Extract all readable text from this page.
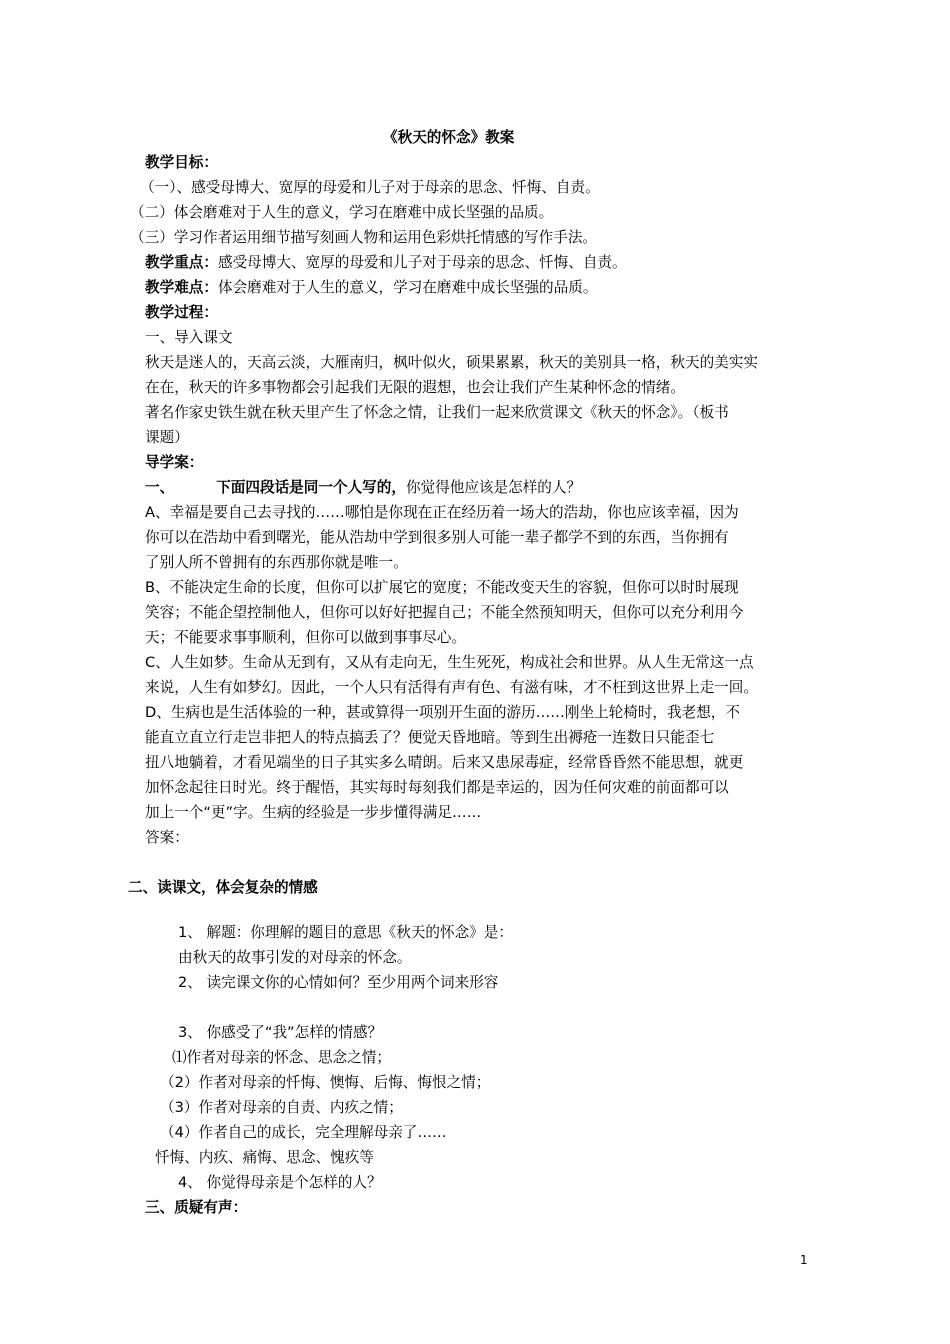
《秋天的怀念》教案
教学目标：
（一）、感受母博大、宽厚的母爱和儿子对于母亲的思念、忏悔、自责。
（二）体会磨难对于人生的意义，学习在磨难中成长坚强的品质。
（三）学习作者运用细节描写刻画人物和运用色彩烘托情感的写作手法。
教学重点：感受母博大、宽厚的母爱和儿子对于母亲的思念、忏悔、自责。
教学难点：体会磨难对于人生的意义，学习在磨难中成长坚强的品质。
教学过程：
一、导入课文
秋天是迷人的，天高云淡，大雁南归，枫叶似火，硕果累累，秋天的美别具一格，秋天的美实实
在在，秋天的许多事物都会引起我们无限的遐想，也会让我们产生某种怀念的情绪。
著名作家史铁生就在秋天里产生了怀念之情，让我们一起来欣赏课文《秋天的怀念》。（板书
课题）
导学案：
一、	下面四段话是同一个人写的，你觉得他应该是怎样的人？
A、幸福是要自己去寻找的……哪怕是你现在正在经历着一场大的浩劫，你也应该幸福，因为
你可以在浩劫中看到曙光，能从浩劫中学到很多别人可能一辈子都学不到的东西，当你拥有
了别人所不曾拥有的东西那你就是唯一。
B、不能决定生命的长度，但你可以扩展它的宽度；不能改变天生的容貌，但你可以时时展现
笑容；不能企望控制他人，但你可以好好把握自己；不能全然预知明天，但你可以充分利用今
天；不能要求事事顺利，但你可以做到事事尽心。
C、人生如梦。生命从无到有，又从有走向无，生生死死，构成社会和世界。从人生无常这一点
来说，人生有如梦幻。因此，一个人只有活得有声有色、有滋有味，才不枉到这世界上走一回。
D、生病也是生活体验的一种，甚或算得一项别开生面的游历……刚坐上轮椅时，我老想，不
能直立直立行走岂非把人的特点搞丢了？便觉天昏地暗。等到生出褥疮一连数日只能歪七
扭八地躺着，才看见端坐的日子其实多么晴朗。后来又患尿毒症，经常昏昏然不能思想，就更
加怀念起往日时光。终于醒悟，其实每时每刻我们都是幸运的，因为任何灾难的前面都可以
加上一个“更”字。生病的经验是一步步懂得满足……
答案：
二、读课文，体会复杂的情感
1、 解题：你理解的题目的意思《秋天的怀念》是：
由秋天的故事引发的对母亲的怀念。
2、 读完课文你的心情如何？至少用两个词来形容
3、 你感受了“我”怎样的情感？
⑴作者对母亲的怀念、思念之情；
（2）作者对母亲的忏悔、懊悔、后悔、悔恨之情；
（3）作者对母亲的自责、内疚之情；
（4）作者自己的成长，完全理解母亲了……
忏悔、内疚、痛悔、思念、愧疚等
4、 你觉得母亲是个怎样的人？
三、质疑有声：
1
